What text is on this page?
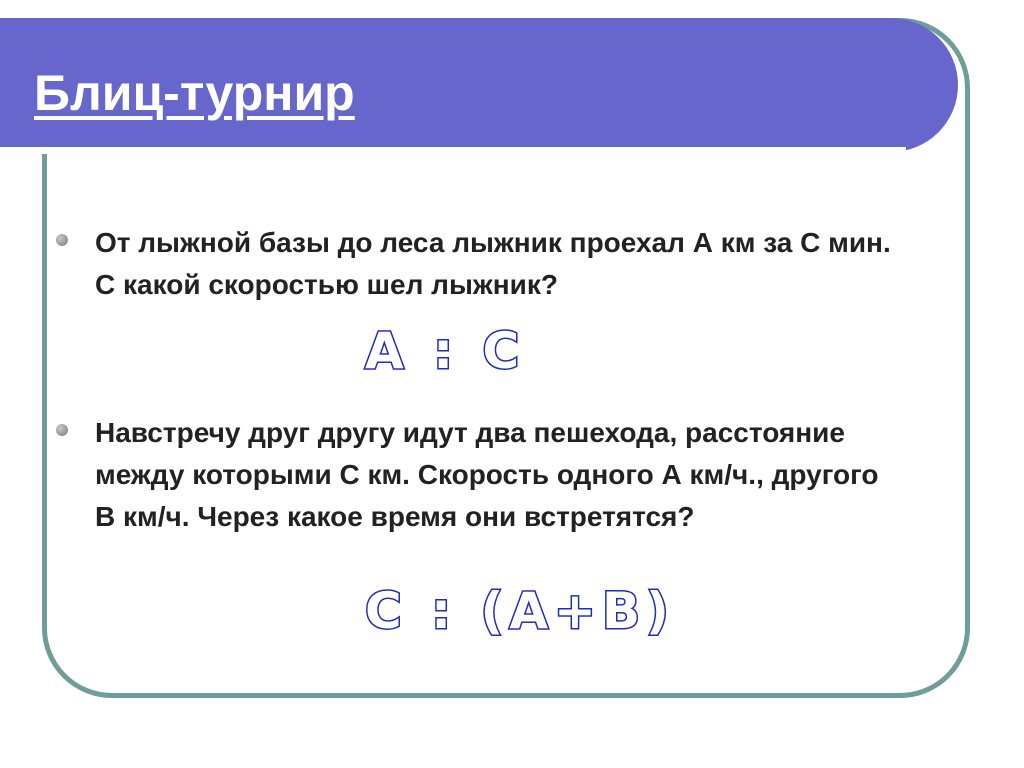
Блиц-турнир
От лыжной базы до леса лыжник проехал А км за С мин. С какой скоростью шел лыжник?
Навстречу друг другу идут два пешехода, расстояние между которыми С км. Скорость одного А км/ч., другого В км/ч. Через какое время они встретятся?
А : С
С : (А+В)
